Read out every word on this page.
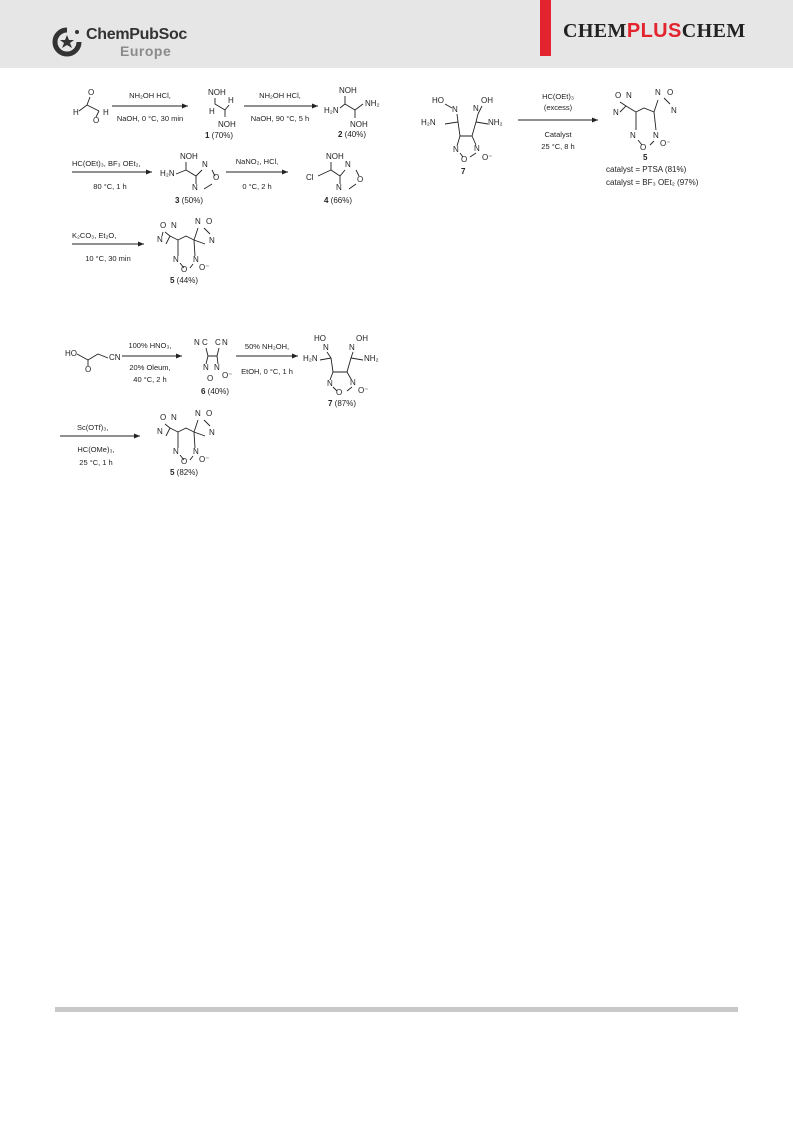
ChemPubSoc
Europe
CHEMPLUSCHEM
H
O
H
O
NH₂OH HCl,
NaOH, 0 °C, 30 min
NOH
H
H
NOH
1 (70%)
NH₂OH HCl,
NaOH, 90 °C, 5 h
NOH
H₂N
NH₂
NOH
2 (40%)
HC(OEt)₃, BF₃ OEt₂,
80 °C, 1 h
NOH
H₂N
N
O
N
3 (50%)
NaNO₂, HCl,
0 °C, 2 h
NOH
Cl
N
O
N
4 (66%)
K₂CO₃, Et₂O,
10 °C, 30 min
O N
N
N O
N
N N
O O⁻
5 (44%)
HO
N
OH
N
H₂N	NH₂
N N
O O⁻
7
HC(OEt)₃
(excess)
Catalyst
25 °C, 8 h
O N
N
N O
N
N N
O O⁻
5
catalyst = PTSA (81%)
catalyst = BF₃ OEt₂ (97%)
HO	CN
O
100% HNO₃,
20% Oleum,
40 °C, 2 h
N C C N
N N
O O⁻
6 (40%)
50% NH₂OH,
EtOH, 0 °C, 1 h
HO
N
OH
N
H₂N	NH₂
N N
O O⁻
7 (87%)
Sc(OTf)₃,
HC(OMe)₃,
25 °C, 1 h
O N
N
N O
N
N N
O O⁻
5 (82%)
